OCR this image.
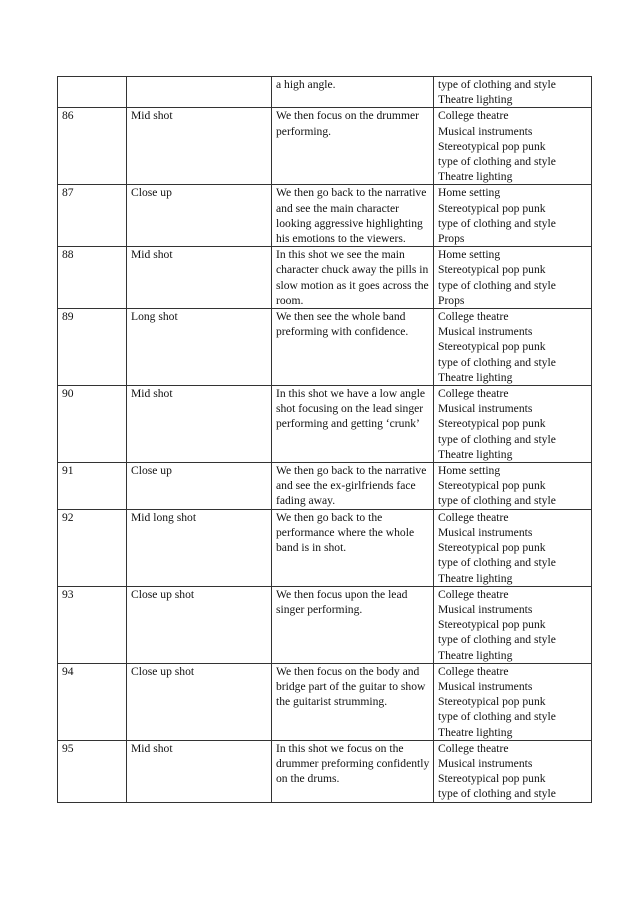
		a high angle.	type of clothing and style
Theatre lighting

86	Mid shot	We then focus on the drummer performing.	College theatre
Musical instruments
Stereotypical pop punk
type of clothing and style
Theatre lighting

87	Close up	We then go back to the narrative and see the main character looking aggressive highlighting his emotions to the viewers.	Home setting
Stereotypical pop punk
type of clothing and style
Props

88	Mid shot	In this shot we see the main character chuck away the pills in slow motion as it goes across the room.	Home setting
Stereotypical pop punk
type of clothing and style
Props

89	Long shot	We then see the whole band preforming with confidence.	College theatre
Musical instruments
Stereotypical pop punk
type of clothing and style
Theatre lighting

90	Mid shot	In this shot we have a low angle shot focusing on the lead singer performing and getting ‘crunk’	College theatre
Musical instruments
Stereotypical pop punk
type of clothing and style
Theatre lighting

91	Close up	We then go back to the narrative and see the ex-girlfriends face fading away.	Home setting
Stereotypical pop punk
type of clothing and style

92	Mid long shot	We then go back to the performance where the whole band is in shot.	College theatre
Musical instruments
Stereotypical pop punk
type of clothing and style
Theatre lighting

93	Close up shot	We then focus upon the lead singer performing.	College theatre
Musical instruments
Stereotypical pop punk
type of clothing and style
Theatre lighting

94	Close up shot	We then focus on the body and bridge part of the guitar to show the guitarist strumming.	College theatre
Musical instruments
Stereotypical pop punk
type of clothing and style
Theatre lighting

95	Mid shot	In this shot we focus on the drummer preforming confidently on the drums.	College theatre
Musical instruments
Stereotypical pop punk
type of clothing and style
